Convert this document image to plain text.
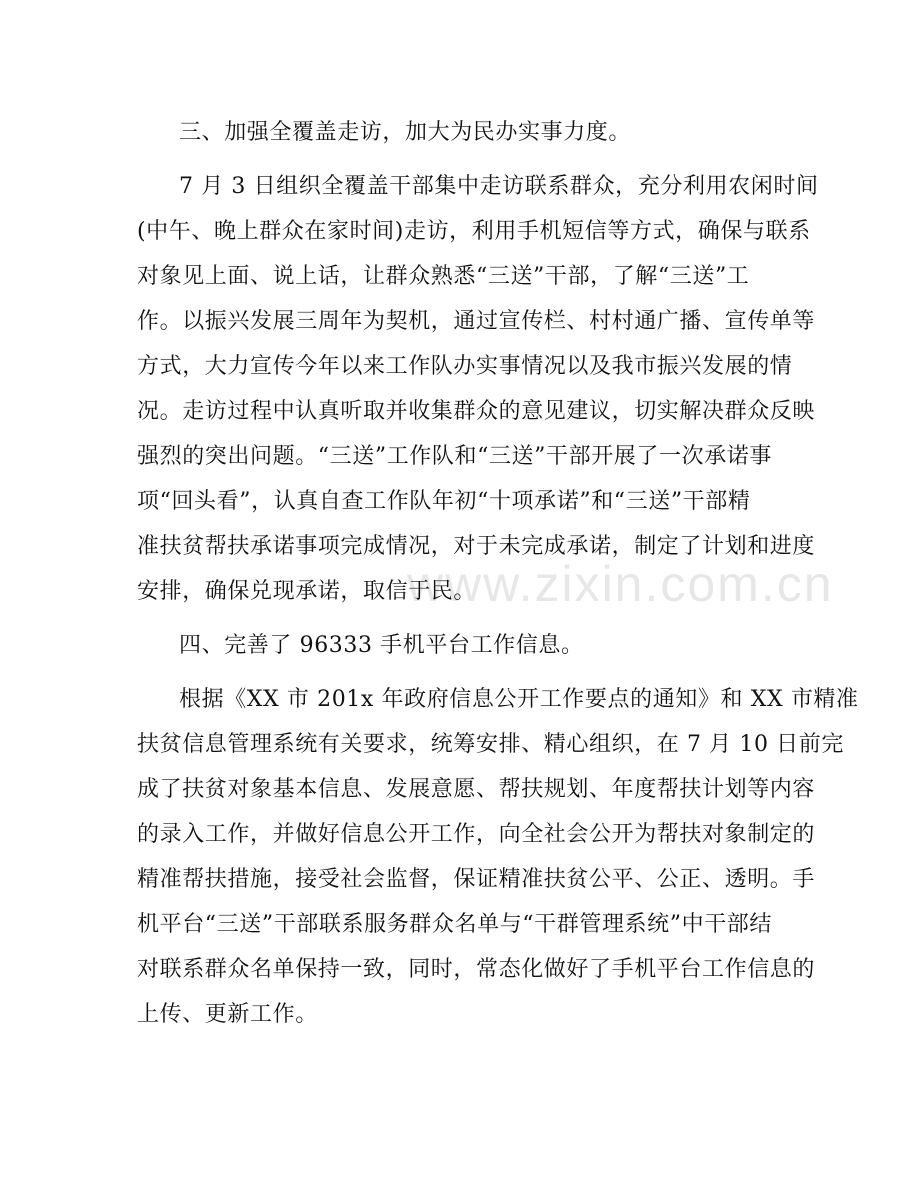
www.zixin.com.cn
三、加强全覆盖走访，加大为民办实事力度。
7 月 3 日组织全覆盖干部集中走访联系群众，充分利用农闲时间
(中午、晚上群众在家时间)走访，利用手机短信等方式，确保与联系
对象见上面、说上话，让群众熟悉“三送”干部，了解“三送”工
作。以振兴发展三周年为契机，通过宣传栏、村村通广播、宣传单等
方式，大力宣传今年以来工作队办实事情况以及我市振兴发展的情
况。走访过程中认真听取并收集群众的意见建议，切实解决群众反映
强烈的突出问题。“三送”工作队和“三送”干部开展了一次承诺事
项“回头看”，认真自查工作队年初“十项承诺”和“三送”干部精
准扶贫帮扶承诺事项完成情况，对于未完成承诺，制定了计划和进度
安排，确保兑现承诺，取信于民。
四、完善了 96333 手机平台工作信息。
根据《XX 市 201x 年政府信息公开工作要点的通知》和 XX 市精准
扶贫信息管理系统有关要求，统筹安排、精心组织，在 7 月 10 日前完
成了扶贫对象基本信息、发展意愿、帮扶规划、年度帮扶计划等内容
的录入工作，并做好信息公开工作，向全社会公开为帮扶对象制定的
精准帮扶措施，接受社会监督，保证精准扶贫公平、公正、透明。手
机平台“三送”干部联系服务群众名单与“干群管理系统”中干部结
对联系群众名单保持一致，同时，常态化做好了手机平台工作信息的
上传、更新工作。
